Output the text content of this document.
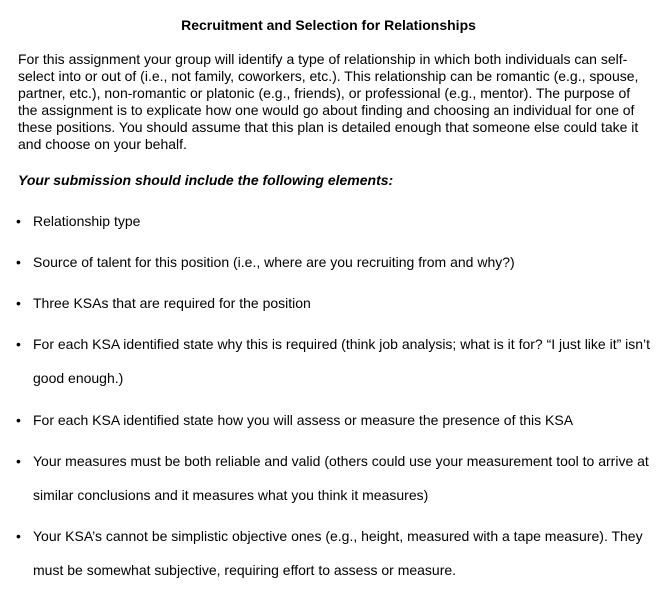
Recruitment and Selection for Relationships

For this assignment your group will identify a type of relationship in which both individuals can self-select into or out of (i.e., not family, coworkers, etc.). This relationship can be romantic (e.g., spouse, partner, etc.), non-romantic or platonic (e.g., friends), or professional (e.g., mentor). The purpose of the assignment is to explicate how one would go about finding and choosing an individual for one of these positions. You should assume that this plan is detailed enough that someone else could take it and choose on your behalf.

Your submission should include the following elements:

• Relationship type

• Source of talent for this position (i.e., where are you recruiting from and why?)

• Three KSAs that are required for the position

• For each KSA identified state why this is required (think job analysis; what is it for? “I just like it” isn’t good enough.)

• For each KSA identified state how you will assess or measure the presence of this KSA

• Your measures must be both reliable and valid (others could use your measurement tool to arrive at similar conclusions and it measures what you think it measures)

• Your KSA’s cannot be simplistic objective ones (e.g., height, measured with a tape measure). They must be somewhat subjective, requiring effort to assess or measure.
